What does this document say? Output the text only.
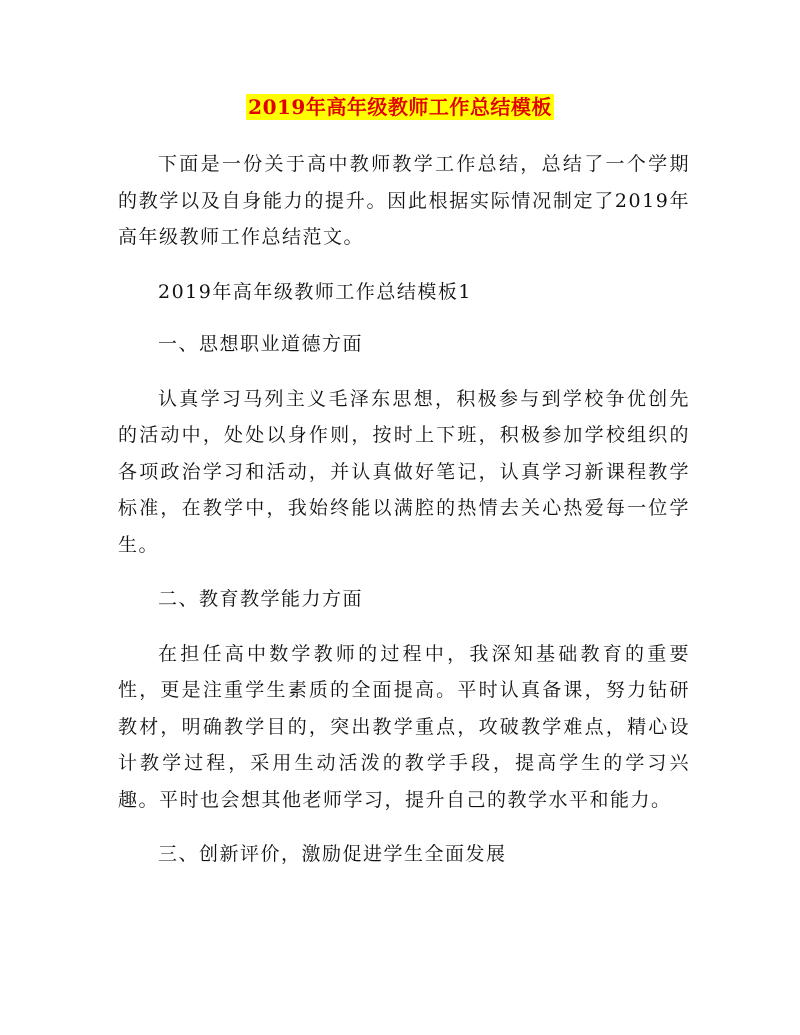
2019年高年级教师工作总结模板

下面是一份关于高中教师教学工作总结，总结了一个学期的教学以及自身能力的提升。因此根据实际情况制定了2019年高年级教师工作总结范文。

2019年高年级教师工作总结模板1

一、思想职业道德方面

认真学习马列主义毛泽东思想，积极参与到学校争优创先的活动中，处处以身作则，按时上下班，积极参加学校组织的各项政治学习和活动，并认真做好笔记，认真学习新课程教学标准，在教学中，我始终能以满腔的热情去关心热爱每一位学生。

二、教育教学能力方面

在担任高中数学教师的过程中，我深知基础教育的重要性，更是注重学生素质的全面提高。平时认真备课，努力钻研教材，明确教学目的，突出教学重点，攻破教学难点，精心设计教学过程，采用生动活泼的教学手段，提高学生的学习兴趣。平时也会想其他老师学习，提升自己的教学水平和能力。

三、创新评价，激励促进学生全面发展
